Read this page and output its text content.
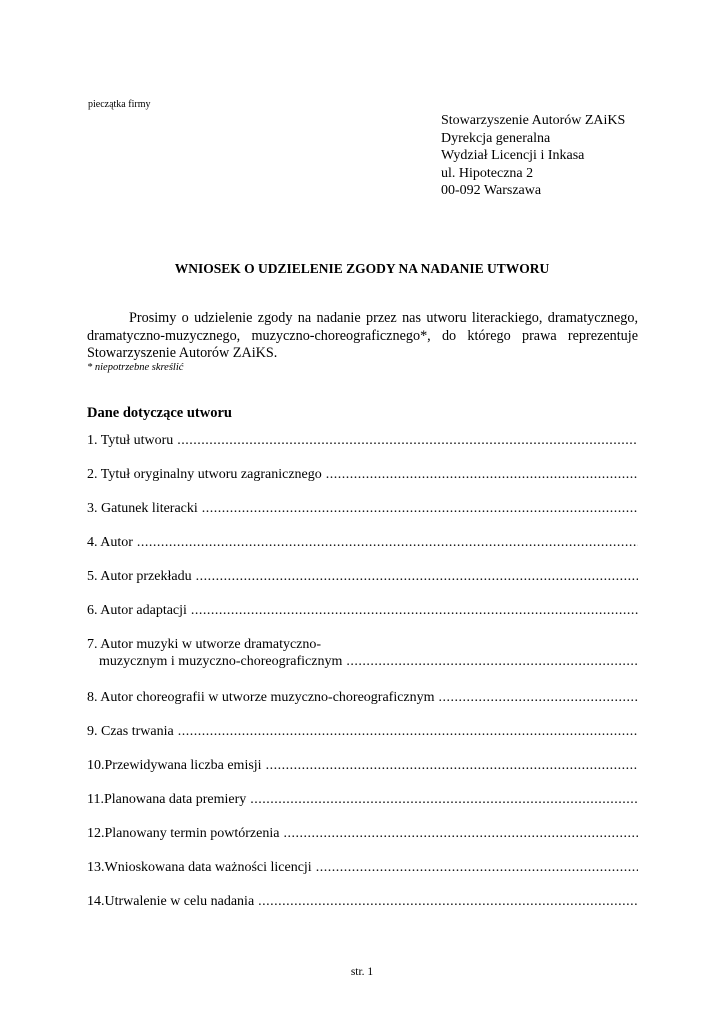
pieczątka firmy
Stowarzyszenie Autorów ZAiKS
Dyrekcja generalna
Wydział Licencji i Inkasa
ul. Hipoteczna 2
00-092 Warszawa
WNIOSEK O UDZIELENIE ZGODY NA NADANIE UTWORU
Prosimy o udzielenie zgody na nadanie przez nas utworu literackiego, dramatycznego,
dramatyczno-muzycznego, muzyczno-choreograficznego*, do którego prawa reprezentuje
Stowarzyszenie Autorów ZAiKS.
* niepotrzebne skreślić
Dane dotyczące utworu
1. Tytuł utworu
.....
2. Tytuł oryginalny utworu zagranicznego
.....
3. Gatunek literacki
.....
4. Autor
.....
5. Autor przekładu
.....
6. Autor adaptacji
.....
7. Autor muzyki w utworze dramatyczno-
muzycznym i muzyczno-choreograficznym
.....
8. Autor choreografii w utworze muzyczno-choreograficznym
.....
9. Czas trwania
.....
10.Przewidywana liczba emisji
.....
11.Planowana data premiery
.....
12.Planowany termin powtórzenia
.....
13.Wnioskowana data ważności licencji
.....
14.Utrwalenie w celu nadania
.....
str. 1
